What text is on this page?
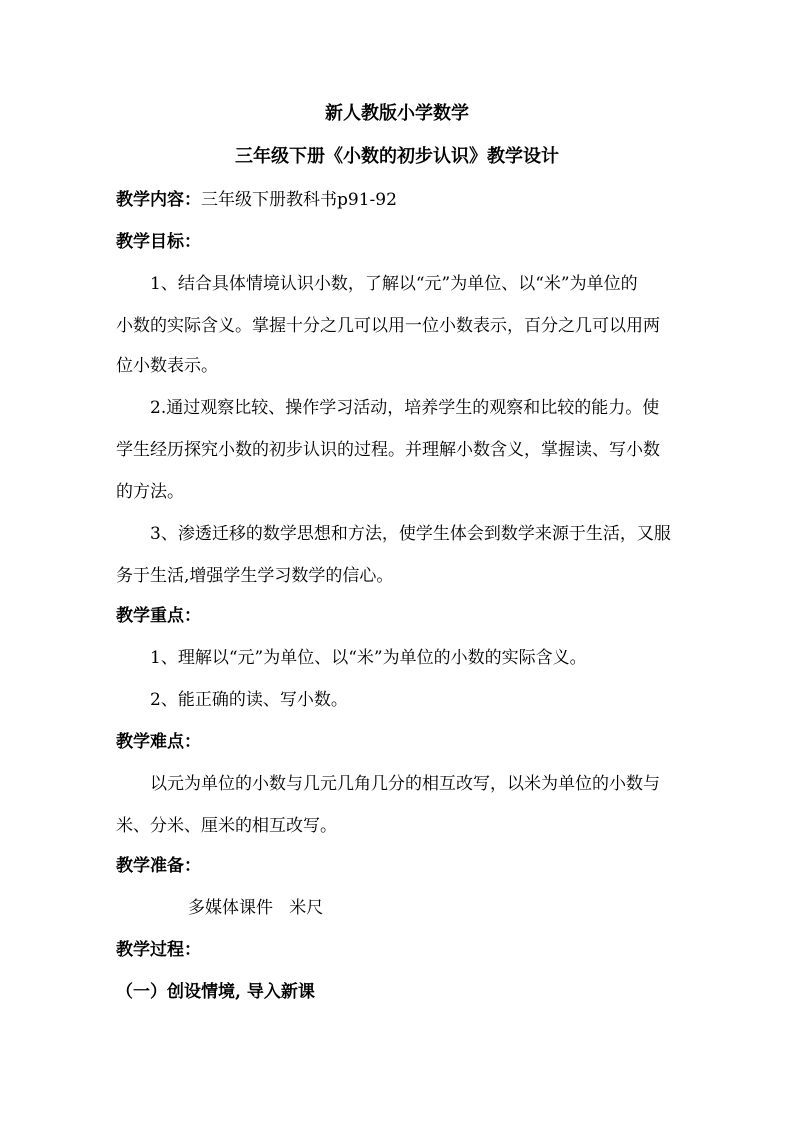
新人教版小学数学
三年级下册《小数的初步认识》教学设计
教学内容：三年级下册教科书p91-92
教学目标：
1、结合具体情境认识小数，了解以“元”为单位、以“米”为单位的
小数的实际含义。掌握十分之几可以用一位小数表示，百分之几可以用两
位小数表示。
2.通过观察比较、操作学习活动，培养学生的观察和比较的能力。使
学生经历探究小数的初步认识的过程。并理解小数含义，掌握读、写小数
的方法。
3、渗透迁移的数学思想和方法，使学生体会到数学来源于生活，又服
务于生活,增强学生学习数学的信心。
教学重点：
1、理解以“元”为单位、以“米”为单位的小数的实际含义。
2、能正确的读、写小数。
教学难点：
以元为单位的小数与几元几角几分的相互改写，以米为单位的小数与
米、分米、厘米的相互改写。
教学准备：
多媒体课件   米尺
教学过程：
（一）创设情境, 导入新课
